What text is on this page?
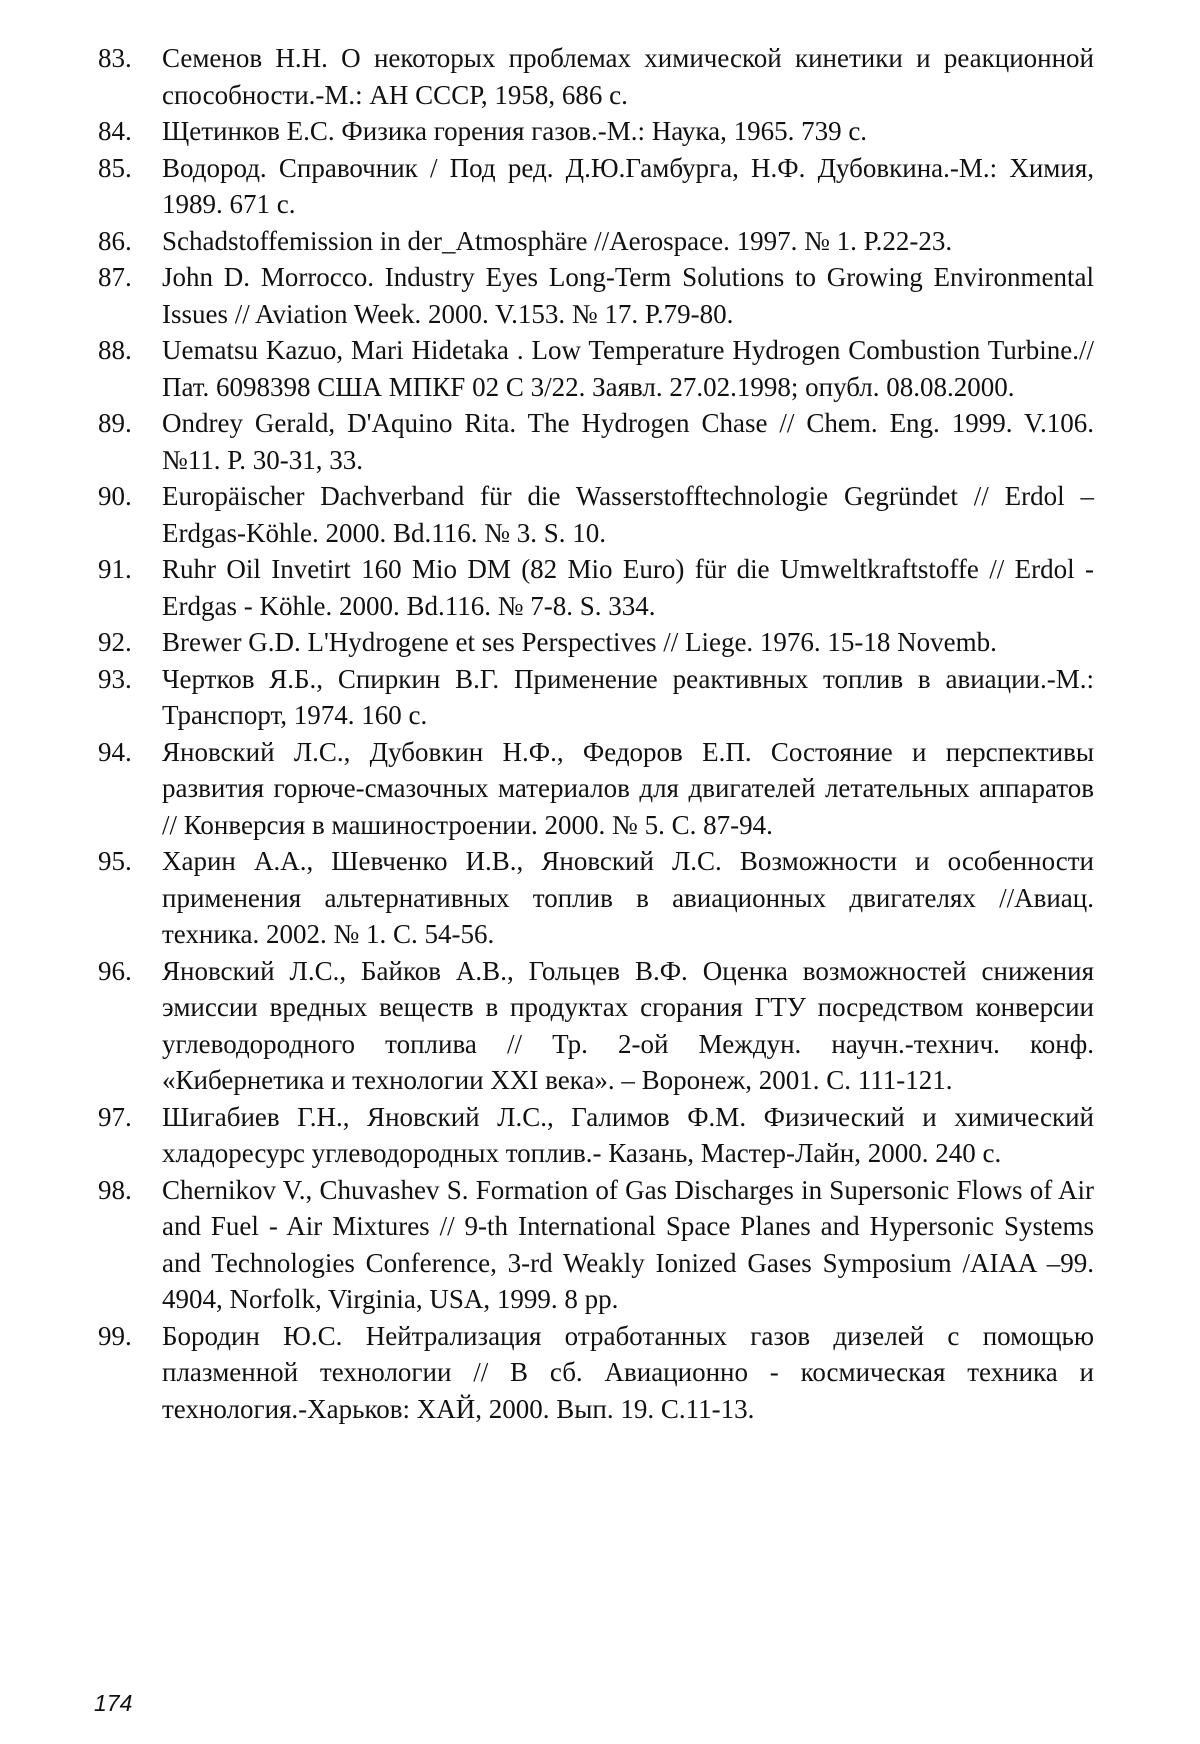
83.	Семенов Н.Н. О некоторых проблемах химической кинетики и реакционной способности.-М.: АН СССР, 1958, 686 с.
84.	Щетинков Е.С. Физика горения газов.-М.: Наука, 1965. 739 с.
85.	Водород. Справочник / Под ред. Д.Ю.Гамбурга, Н.Ф. Дубовкина.-М.: Химия, 1989. 671 с.
86.	Schadstoffemission in der_Atmosphäre //Aerospace. 1997. № 1. P.22-23.
87.	John D. Morrocco. Industry Eyes Long-Term Solutions to Growing Environmental Issues // Aviation Week. 2000. V.153. № 17. P.79-80.
88.	Uematsu Kazuo, Mari Hidetaka . Low Temperature Hydrogen Combustion Turbine.// Пат. 6098398 США МПКF 02 С 3/22. Заявл. 27.02.1998; опубл. 08.08.2000.
89.	Ondrey Gerald, D'Aquino Rita. The Hydrogen Chase // Chem. Eng. 1999. V.106. №11. P. 30-31, 33.
90.	Europäischer Dachverband für die Wasserstofftechnologie Gegründet // Erdol –Erdgas-Köhle. 2000. Bd.116. № 3. S. 10.
91.	Ruhr Oil Invetirt 160 Mio DM (82 Mio Euro) für die Umweltkraftstoffe // Erdol -Erdgas - Köhle. 2000. Bd.116. № 7-8. S. 334.
92.	Brewer G.D. L'Hydrogene et ses Perspectives // Liege. 1976. 15-18 Novemb.
93.	Чертков Я.Б., Спиркин В.Г. Применение реактивных топлив в авиации.-М.: Транспорт, 1974. 160 с.
94.	Яновский Л.С., Дубовкин Н.Ф., Федоров Е.П. Состояние и перспективы развития горюче-смазочных материалов для двигателей летательных аппаратов // Конверсия в машиностроении. 2000. № 5. С. 87-94.
95.	Харин А.А., Шевченко И.В., Яновский Л.С. Возможности и особенности применения альтернативных топлив в авиационных двигателях //Авиац. техника. 2002. № 1. С. 54-56.
96.	Яновский Л.С., Байков А.В., Гольцев В.Ф. Оценка возможностей снижения эмиссии вредных веществ в продуктах сгорания ГТУ посредством конверсии углеводородного топлива // Тр. 2-ой Междун. научн.-технич. конф. «Кибернетика и технологии XXI века». – Воронеж, 2001. С. 111-121.
97.	Шигабиев Г.Н., Яновский Л.С., Галимов Ф.М. Физический и химический хладоресурс углеводородных топлив.- Казань, Мастер-Лайн, 2000. 240 с.
98.	Chernikov V., Chuvashev S. Formation of Gas Discharges in Supersonic Flows of Air and Fuel - Air Mixtures // 9-th International Space Planes and Hypersonic Systems and Technologies Conference, 3-rd Weakly Ionized Gases Symposium /AIAA –99. 4904, Norfolk, Virginia, USA, 1999. 8 pp.
99.	Бородин Ю.С. Нейтрализация отработанных газов дизелей с помощью плазменной технологии // В сб. Авиационно - космическая техника и технология.-Харьков: ХАЙ, 2000. Вып. 19. С.11-13.
174
